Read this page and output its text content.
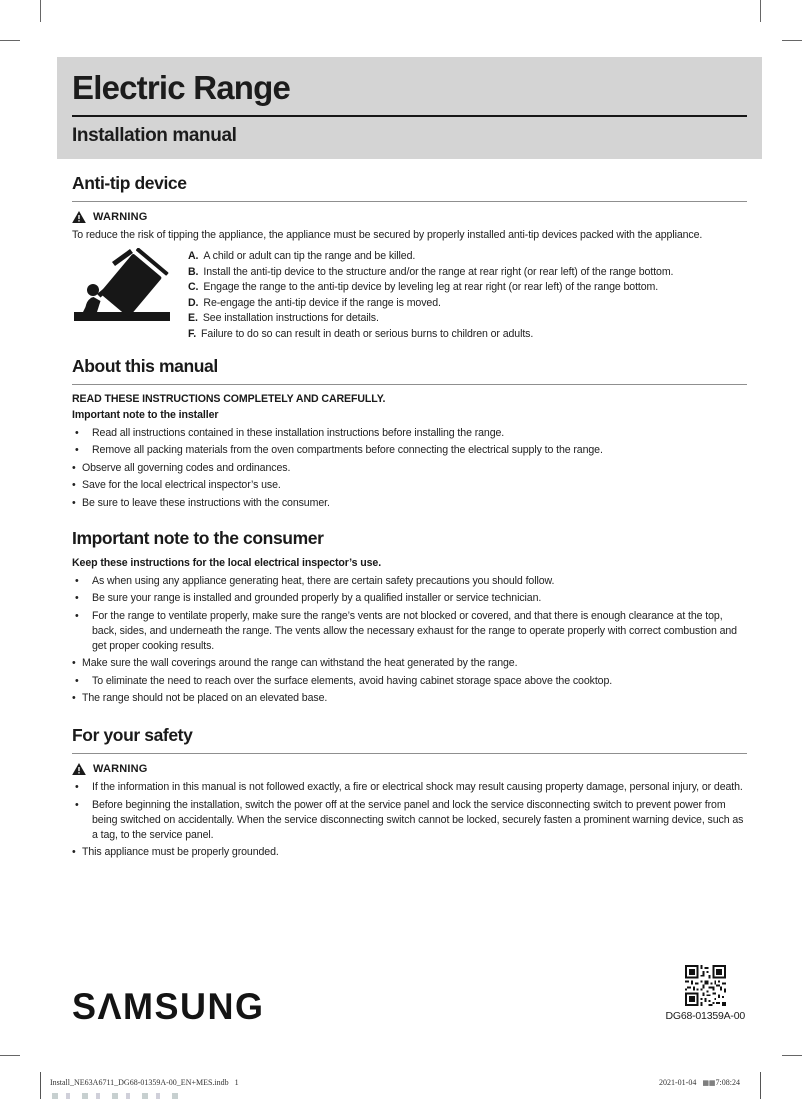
Electric Range
Installation manual
Anti-tip device
WARNING

To reduce the risk of tipping the appliance, the appliance must be secured by properly installed anti-tip devices packed with the appliance.

A. A child or adult can tip the range and be killed.
B. Install the anti-tip device to the structure and/or the range at rear right (or rear left) of the range bottom.
C. Engage the range to the anti-tip device by leveling leg at rear right (or rear left) of the range bottom.
D. Re-engage the anti-tip device if the range is moved.
E. See installation instructions for details.
F. Failure to do so can result in death or serious burns to children or adults.
About this manual
READ THESE INSTRUCTIONS COMPLETELY AND CAREFULLY.
Important note to the installer
• Read all instructions contained in these installation instructions before installing the range.
• Remove all packing materials from the oven compartments before connecting the electrical supply to the range.
• Observe all governing codes and ordinances.
• Save for the local electrical inspector’s use.
• Be sure to leave these instructions with the consumer.
Important note to the consumer
Keep these instructions for the local electrical inspector’s use.
• As when using any appliance generating heat, there are certain safety precautions you should follow.
• Be sure your range is installed and grounded properly by a qualified installer or service technician.
• For the range to ventilate properly, make sure the range’s vents are not blocked or covered, and that there is enough clearance at the top, back, sides, and underneath the range. The vents allow the necessary exhaust for the range to operate properly with correct combustion and get proper cooking results.
• Make sure the wall coverings around the range can withstand the heat generated by the range.
• To eliminate the need to reach over the surface elements, avoid having cabinet storage space above the cooktop.
• The range should not be placed on an elevated base.
For your safety
WARNING
• If the information in this manual is not followed exactly, a fire or electrical shock may result causing property damage, personal injury, or death.
• Before beginning the installation, switch the power off at the service panel and lock the service disconnecting switch to prevent power from being switched on accidentally. When the service disconnecting switch cannot be locked, securely fasten a prominent warning device, such as a tag, to the service panel.
• This appliance must be properly grounded.
SΛMSUNG	DG68-01359A-00
Install_NE63A6711_DG68-01359A-00_EN+MES.indb   1	2021-01-04   ▦▦7:08:24
